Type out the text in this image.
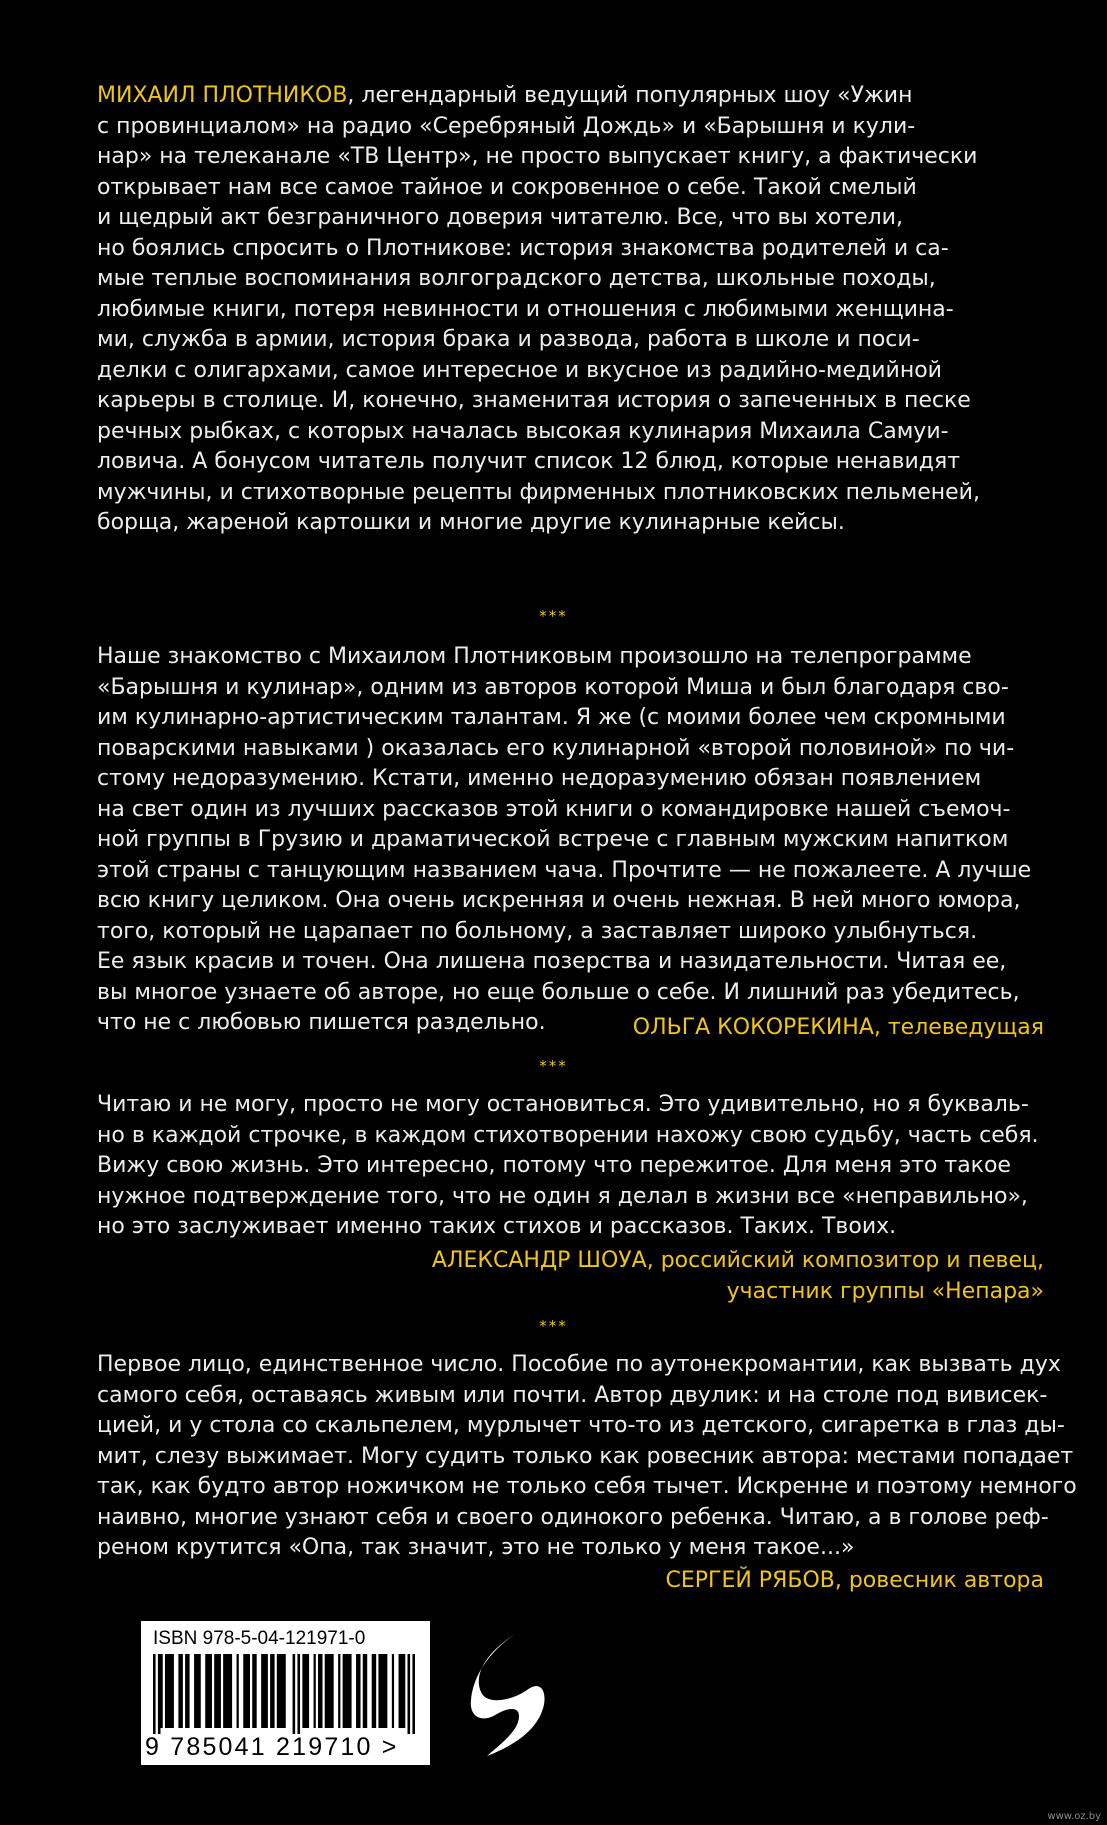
МИХАИЛ ПЛОТНИКОВ, легендарный ведущий популярных шоу «Ужин
с провинциалом» на радио «Серебряный Дождь» и «Барышня и кули-
нар» на телеканале «ТВ Центр», не просто выпускает книгу, а фактически
открывает нам все самое тайное и сокровенное о себе. Такой смелый
и щедрый акт безграничного доверия читателю. Все, что вы хотели,
но боялись спросить о Плотникове: история знакомства родителей и са-
мые теплые воспоминания волгоградского детства, школьные походы,
любимые книги, потеря невинности и отношения с любимыми женщина-
ми, служба в армии, история брака и развода, работа в школе и поси-
делки с олигархами, самое интересное и вкусное из радийно-медийной
карьеры в столице. И, конечно, знаменитая история о запеченных в песке
речных рыбках, с которых началась высокая кулинария Михаила Самуи-
ловича. А бонусом читатель получит список 12 блюд, которые ненавидят
мужчины, и стихотворные рецепты фирменных плотниковских пельменей,
борща, жареной картошки и многие другие кулинарные кейсы.
***
Наше знакомство с Михаилом Плотниковым произошло на телепрограмме
«Барышня и кулинар», одним из авторов которой Миша и был благодаря сво-
им кулинарно-артистическим талантам. Я же (с моими более чем скромными
поварскими навыками ) оказалась его кулинарной «второй половиной» по чи-
стому недоразумению. Кстати, именно недоразумению обязан появлением
на свет один из лучших рассказов этой книги о командировке нашей съемоч-
ной группы в Грузию и драматической встрече с главным мужским напитком
этой страны с танцующим названием чача. Прочтите — не пожалеете. А лучше
всю книгу целиком. Она очень искренняя и очень нежная. В ней много юмора,
того, который не царапает по больному, а заставляет широко улыбнуться.
Ее язык красив и точен. Она лишена позерства и назидательности. Читая ее,
вы многое узнаете об авторе, но еще больше о себе. И лишний раз убедитесь,
что не с любовью пишется раздельно.	ОЛЬГА КОКОРЕКИНА, телеведущая
***
Читаю и не могу, просто не могу остановиться. Это удивительно, но я букваль-
но в каждой строчке, в каждом стихотворении нахожу свою судьбу, часть себя.
Вижу свою жизнь. Это интересно, потому что пережитое. Для меня это такое
нужное подтверждение того, что не один я делал в жизни все «неправильно»,
но это заслуживает именно таких стихов и рассказов. Таких. Твоих.
АЛЕКСАНДР ШОУА, российский композитор и певец,
участник группы «Непара»
***
Первое лицо, единственное число. Пособие по аутонекромантии, как вызвать дух
самого себя, оставаясь живым или почти. Автор двулик: и на столе под вивисек-
цией, и у стола со скальпелем, мурлычет что-то из детского, сигаретка в глаз ды-
мит, слезу выжимает. Могу судить только как ровесник автора: местами попадает
так, как будто автор ножичком не только себя тычет. Искренне и поэтому немного
наивно, многие узнают себя и своего одинокого ребенка. Читаю, а в голове реф-
реном крутится «Опа, так значит, это не только у меня такое...»
СЕРГЕЙ РЯБОВ, ровесник автора
ISBN 978-5-04-121971-0
9 785041 219710 >
www.oz.by
